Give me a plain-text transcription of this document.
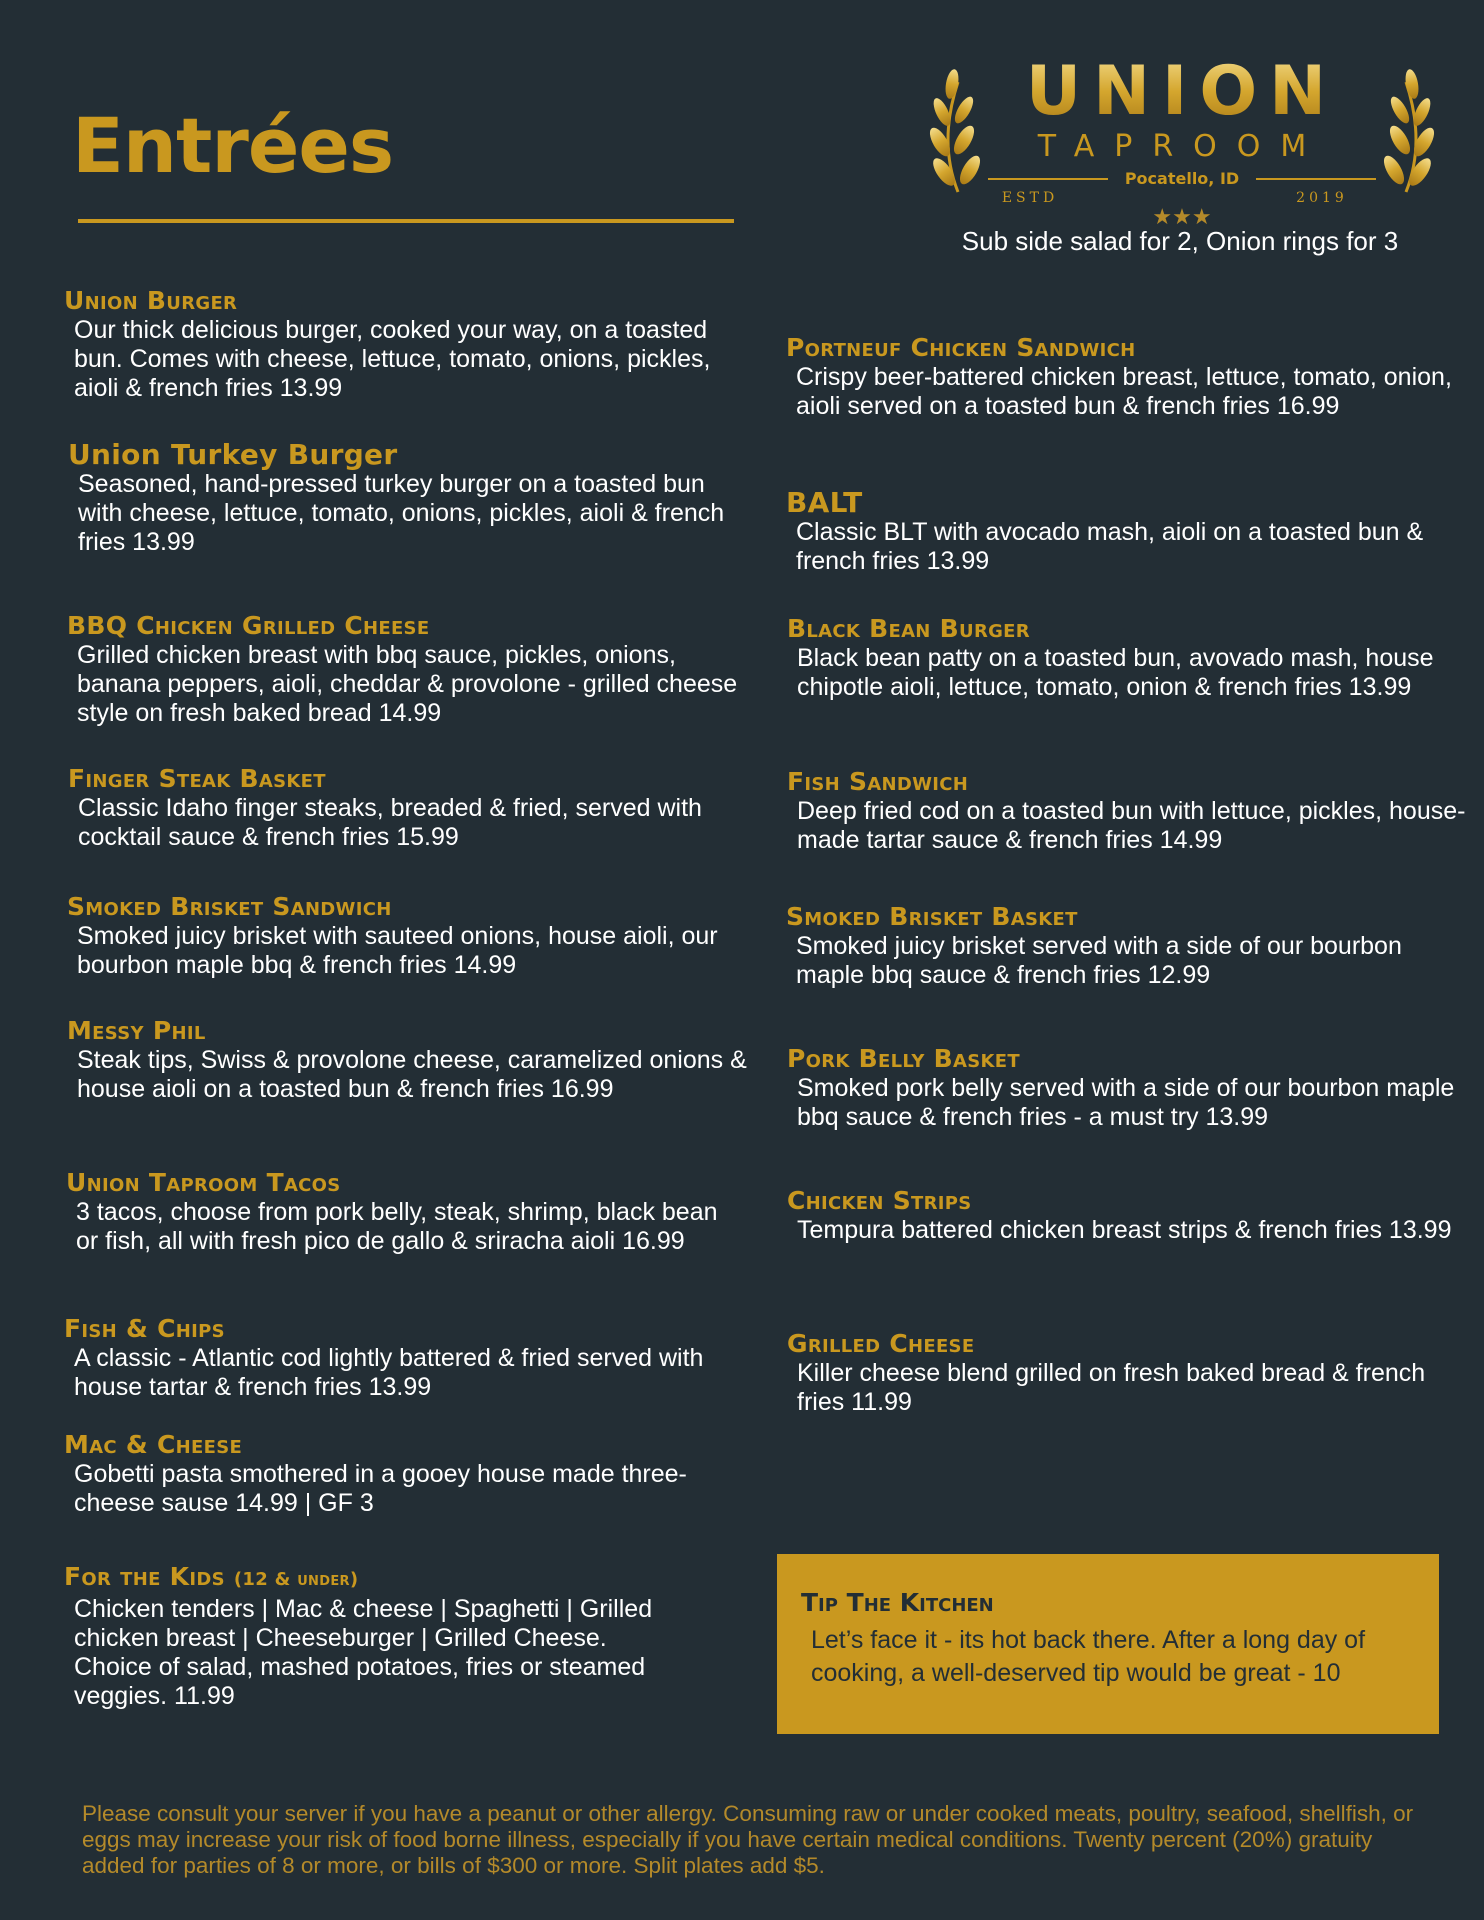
Entrées
UNION
TAPROOM
Pocatello, ID
ESTD	2019
★★★
Sub side salad for 2, Onion rings for 3
Union Burger
Our thick delicious burger, cooked your way, on a toasted bun. Comes with cheese, lettuce, tomato, onions, pickles, aioli & french fries 13.99
Union Turkey Burger
Seasoned, hand-pressed turkey burger on a toasted bun with cheese, lettuce, tomato, onions, pickles, aioli & french fries 13.99
BBQ Chicken Grilled Cheese
Grilled chicken breast with bbq sauce, pickles, onions, banana peppers, aioli, cheddar & provolone - grilled cheese style on fresh baked bread 14.99
Finger Steak Basket
Classic Idaho finger steaks, breaded & fried, served with cocktail sauce & french fries 15.99
Smoked Brisket Sandwich
Smoked juicy brisket with sauteed onions, house aioli, our bourbon maple bbq & french fries 14.99
Messy Phil
Steak tips, Swiss & provolone cheese, caramelized onions & house aioli on a toasted bun & french fries 16.99
Union Taproom Tacos
3 tacos, choose from pork belly, steak, shrimp, black bean or fish, all with fresh pico de gallo & sriracha aioli 16.99
Fish & Chips
A classic - Atlantic cod lightly battered & fried served with house tartar & french fries 13.99
Mac & Cheese
Gobetti pasta smothered in a gooey house made three-cheese sause 14.99 | GF 3
For the Kids (12 & under)
Chicken tenders | Mac & cheese | Spaghetti | Grilled chicken breast | Cheeseburger | Grilled Cheese. Choice of salad, mashed potatoes, fries or steamed veggies. 11.99
Portneuf Chicken Sandwich
Crispy beer-battered chicken breast, lettuce, tomato, onion, aioli served on a toasted bun & french fries 16.99
BALT
Classic BLT with avocado mash, aioli on a toasted bun & french fries 13.99
Black Bean Burger
Black bean patty on a toasted bun, avovado mash, house chipotle aioli, lettuce, tomato, onion & french fries 13.99
Fish Sandwich
Deep fried cod on a toasted bun with lettuce, pickles, house-made tartar sauce & french fries 14.99
Smoked Brisket Basket
Smoked juicy brisket served with a side of our bourbon maple bbq sauce & french fries 12.99
Pork Belly Basket
Smoked pork belly served with a side of our bourbon maple bbq sauce & french fries - a must try 13.99
Chicken Strips
Tempura battered chicken breast strips & french fries 13.99
Grilled Cheese
Killer cheese blend grilled on fresh baked bread & french fries 11.99
Tip The Kitchen
Let’s face it - its hot back there. After a long day of cooking, a well-deserved tip would be great - 10
Please consult your server if you have a peanut or other allergy. Consuming raw or under cooked meats, poultry, seafood, shellfish, or eggs may increase your risk of food borne illness, especially if you have certain medical conditions. Twenty percent (20%) gratuity added for parties of 8 or more, or bills of $300 or more. Split plates add $5.
